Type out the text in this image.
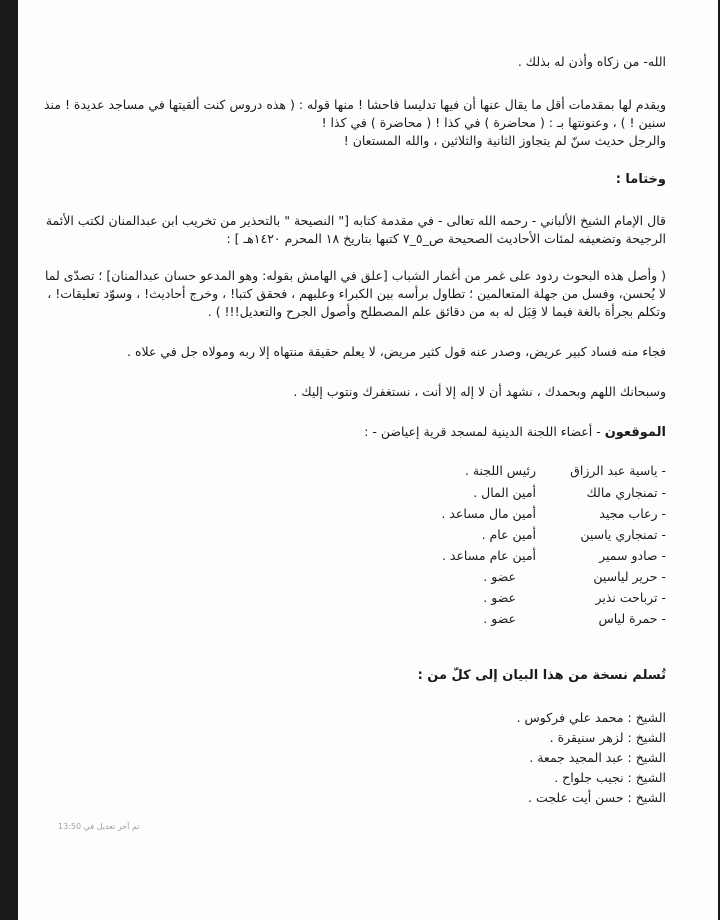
الله- من زكاه وأذن له بذلك .
ويقدم لها بمقدمات أقل ما يقال عنها أن فيها تدليسا فاحشا ! منها قوله : ( هذه دروس كنت ألقيتها في مساجد عديدة ! منذ
سنين ! ) ، وعنونتها بـ : ( محاضرة ) في كذا ! ( محاضرة ) في كذا !
والرجل حديث سنّ لم يتجاوز الثانية والثلاثين ، والله المستعان !
وختاما :
قال الإمام الشيخ الألباني - رحمه الله تعالى - في مقدمة كتابه [" النصيحة " بالتحذير من تخريب ابن عبدالمنان لكتب الأئمة
الرجيحة وتضعيفه لمئات الأحاديث الصحيحة ص_٥_٧ كتبها بتاريخ ١٨ المحرم ١٤٢٠هـ ] :
( وأصل هذه البحوث ردود على غمر من أغمار الشباب [علق في الهامش بقوله: وهو المدعو حسان عبدالمنان] ؛ تصدّى لما
لا يُحسن، وفسل من جهلة المتعالمين ؛ تطاول برأسه بين الكبراء وعليهم ، فحقق كتبا! ، وخرج أحاديث! ، وسوّد تعليقات! ،
وتكلم بجرأة بالغة فيما لا قِبَل له به من دقائق علم المصطلح وأصول الجرح والتعديل!!! ) .
فجاء منه فساد كبير عريض، وصدر عنه قول كثير مريض، لا يعلم حقيقة منتهاه إلا ربه ومولاه جل في علاه .
وسبحانك اللهم وبحمدك ، نشهد أن لا إله إلا أنت ، نستغفرك ونتوب إليك .
الموقعون - أعضاء اللجنة الدينية لمسجد قرية إعياضن - :
- ياسية عبد الرزاق
رئيس اللجنة .
- تمنجاري مالك
أمين المال .
- رعاب مجيد
أمين مال مساعد .
- تمنجاري ياسين
أمين عام .
- صادو سمير
أمين عام مساعد .
- حرير لياسين
عضو .
- ترباحت نذير
عضو .
- حمرة لياس
عضو .
تُسلم نسخة من هذا البيان إلى كلّ من :
الشيخ : محمد علي فركوس .
الشيخ : لزهر سنيقرة .
الشيخ : عبد المجيد جمعة .
الشيخ : نجيب جلواح .
الشيخ : حسن أيت علجت .
تم آخر تعديل في 13:50
